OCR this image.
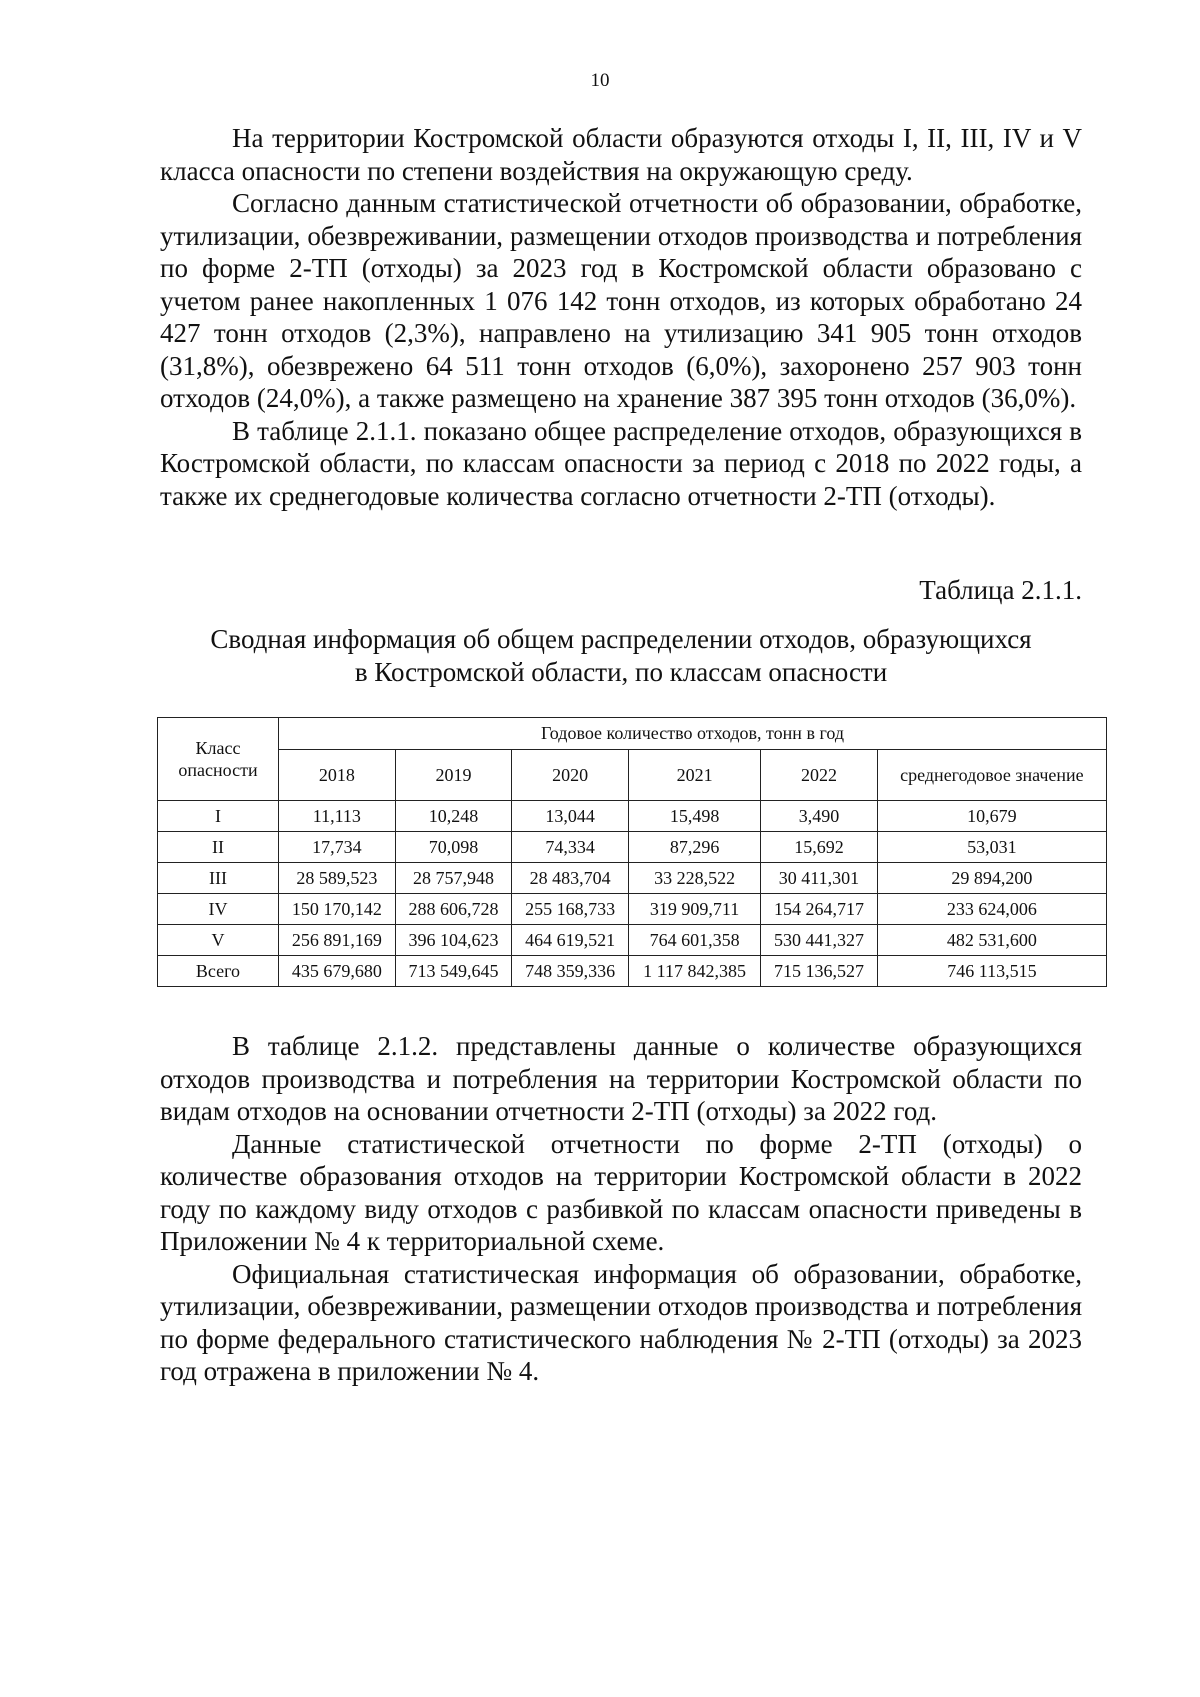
10

На территории Костромской области образуются отходы I, II, III, IV и V класса опасности по степени воздействия на окружающую среду.

Согласно данным статистической отчетности об образовании, обработке, утилизации, обезвреживании, размещении отходов производства и потребления по форме 2-ТП (отходы) за 2023 год в Костромской области образовано с учетом ранее накопленных 1 076 142 тонн отходов, из которых обработано 24 427 тонн отходов (2,3%), направлено на утилизацию 341 905 тонн отходов (31,8%), обезврежено 64 511 тонн отходов (6,0%), захоронено 257 903 тонн отходов (24,0%), а также размещено на хранение 387 395 тонн отходов (36,0%).

В таблице 2.1.1. показано общее распределение отходов, образующихся в Костромской области, по классам опасности за период с 2018 по 2022 годы, а также их среднегодовые количества согласно отчетности 2-ТП (отходы).

Таблица 2.1.1.
Сводная информация об общем распределении отходов, образующихся
в Костромской области, по классам опасности
Класс опасности	Годовое количество отходов, тонн в год					
	2018	2019	2020	2021	2022	среднегодовое значение
I	11,113	10,248	13,044	15,498	3,490	10,679
II	17,734	70,098	74,334	87,296	15,692	53,031
III	28 589,523	28 757,948	28 483,704	33 228,522	30 411,301	29 894,200
IV	150 170,142	288 606,728	255 168,733	319 909,711	154 264,717	233 624,006
V	256 891,169	396 104,623	464 619,521	764 601,358	530 441,327	482 531,600
Всего	435 679,680	713 549,645	748 359,336	1 117 842,385	715 136,527	746 113,515

В таблице 2.1.2. представлены данные о количестве образующихся отходов производства и потребления на территории Костромской области по видам отходов на основании отчетности 2-ТП (отходы) за 2022 год.

Данные статистической отчетности по форме 2-ТП (отходы) о количестве образования отходов на территории Костромской области в 2022 году по каждому виду отходов с разбивкой по классам опасности приведены в Приложении № 4 к территориальной схеме.

Официальная статистическая информация об образовании, обработке, утилизации, обезвреживании, размещении отходов производства и потребления по форме федерального статистического наблюдения № 2-ТП (отходы) за 2023 год отражена в приложении № 4.
